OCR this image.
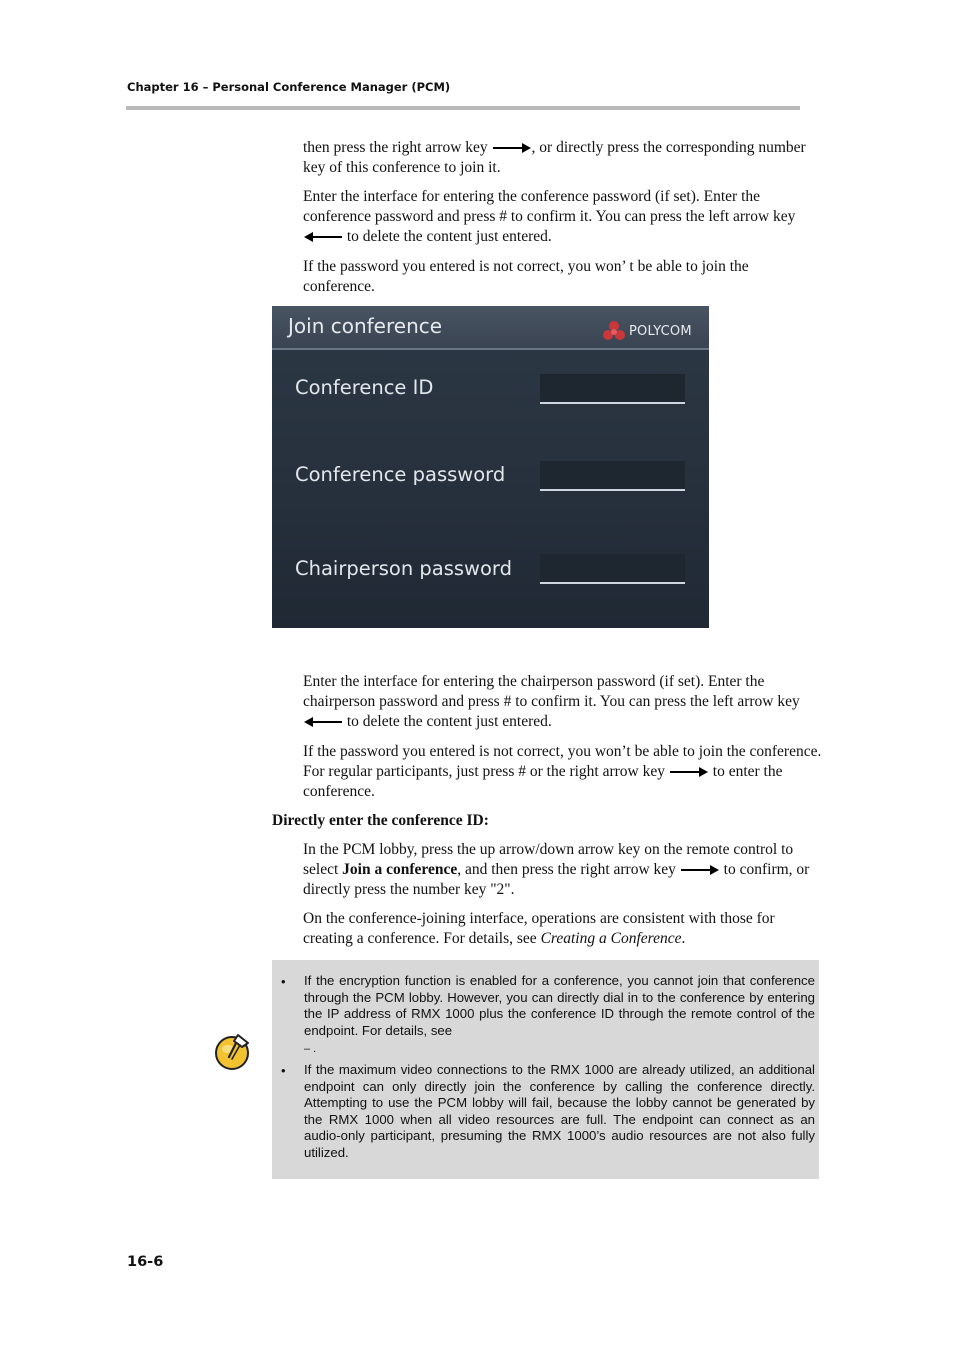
Chapter 16 – Personal Conference Manager (PCM)

then press the right arrow key	, or directly press the corresponding number key of this conference to join it.

Enter the interface for entering the conference password (if set). Enter the conference password and press # to confirm it. You can press the left arrow key  to delete the content just entered.

If the password you entered is not correct, you won’ t be able to join the conference.

Join conference	POLYCOM
Conference ID
Conference password
Chairperson password

Enter the interface for entering the chairperson password (if set). Enter the chairperson password and press # to confirm it. You can press the left arrow key  to delete the content just entered.

If the password you entered is not correct, you won’t be able to join the conference. For regular participants, just press # or the right arrow key	to enter the conference.

Directly enter the conference ID:

In the PCM lobby, press the up arrow/down arrow key on the remote control to select Join a conference, and then press the right arrow key	to confirm, or directly press the number key "2".

On the conference-joining interface, operations are consistent with those for creating a conference. For details, see Creating a Conference.

• If the encryption function is enabled for a conference, you cannot join that conference through the PCM lobby. However, you can directly dial in to the conference by entering the IP address of RMX 1000 plus the conference ID through the remote control of the endpoint. For details, see
– .
• If the maximum video connections to the RMX 1000 are already utilized, an additional endpoint can only directly join the conference by calling the conference directly. Attempting to use the PCM lobby will fail, because the lobby cannot be generated by the RMX 1000 when all video resources are full. The endpoint can connect as an audio-only participant, presuming the RMX 1000’s audio resources are not also fully utilized.
16-6
